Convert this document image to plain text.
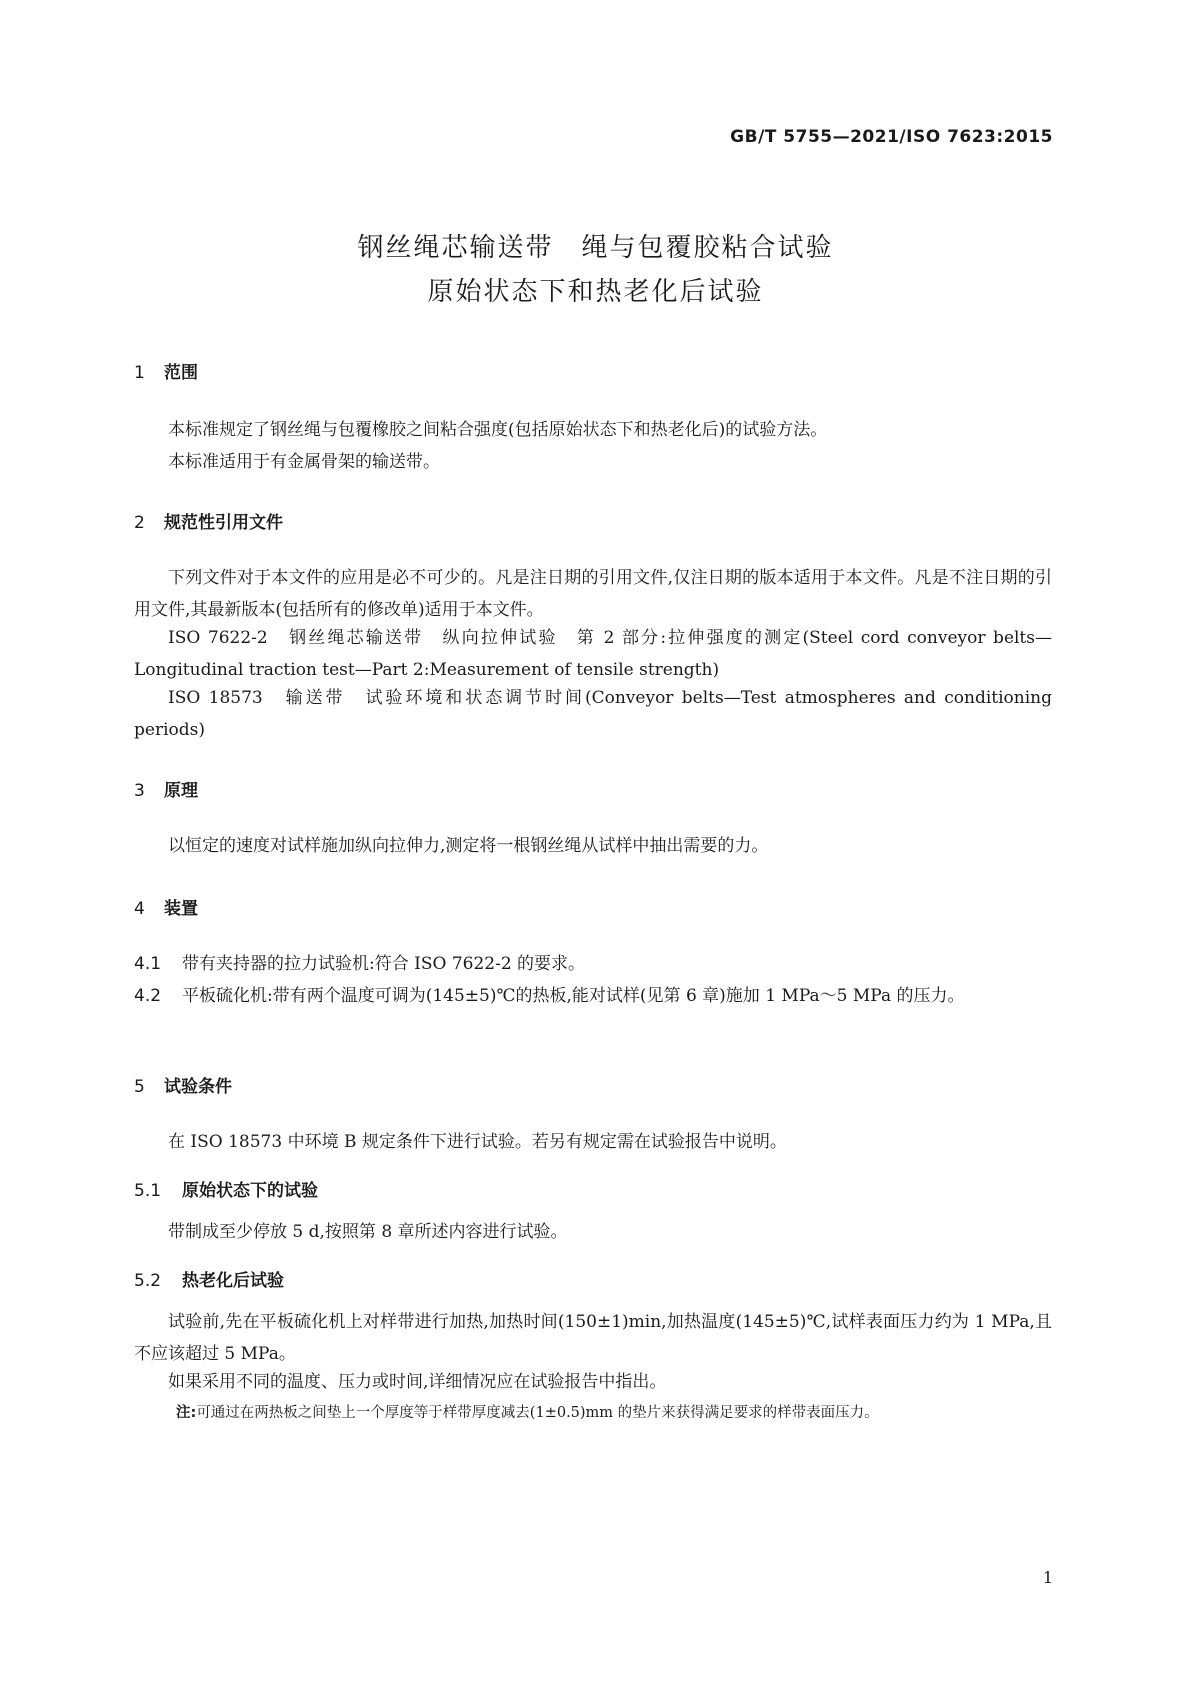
GB/T 5755—2021/ISO 7623:2015
钢丝绳芯输送带　绳与包覆胶粘合试验
原始状态下和热老化后试验
1 范围
本标准规定了钢丝绳与包覆橡胶之间粘合强度(包括原始状态下和热老化后)的试验方法。
本标准适用于有金属骨架的输送带。
2 规范性引用文件
下列文件对于本文件的应用是必不可少的。凡是注日期的引用文件,仅注日期的版本适用于本文件。凡是不注日期的引用文件,其最新版本(包括所有的修改单)适用于本文件。
ISO 7622-2　钢丝绳芯输送带　纵向拉伸试验　第 2 部分:拉伸强度的测定(Steel cord conveyor belts—Longitudinal traction test—Part 2:Measurement of tensile strength)
ISO 18573　输送带　试验环境和状态调节时间(Conveyor belts—Test atmospheres and conditioning periods)
3 原理
以恒定的速度对试样施加纵向拉伸力,测定将一根钢丝绳从试样中抽出需要的力。
4 装置
4.1 带有夹持器的拉力试验机:符合 ISO 7622-2 的要求。
4.2 平板硫化机:带有两个温度可调为(145±5)℃的热板,能对试样(见第 6 章)施加 1 MPa～5 MPa 的压力。
5 试验条件
在 ISO 18573 中环境 B 规定条件下进行试验。若另有规定需在试验报告中说明。
5.1 原始状态下的试验
带制成至少停放 5 d,按照第 8 章所述内容进行试验。
5.2 热老化后试验
试验前,先在平板硫化机上对样带进行加热,加热时间(150±1)min,加热温度(145±5)℃,试样表面压力约为 1 MPa,且不应该超过 5 MPa。
如果采用不同的温度、压力或时间,详细情况应在试验报告中指出。
注:可通过在两热板之间垫上一个厚度等于样带厚度减去(1±0.5)mm 的垫片来获得满足要求的样带表面压力。
1
